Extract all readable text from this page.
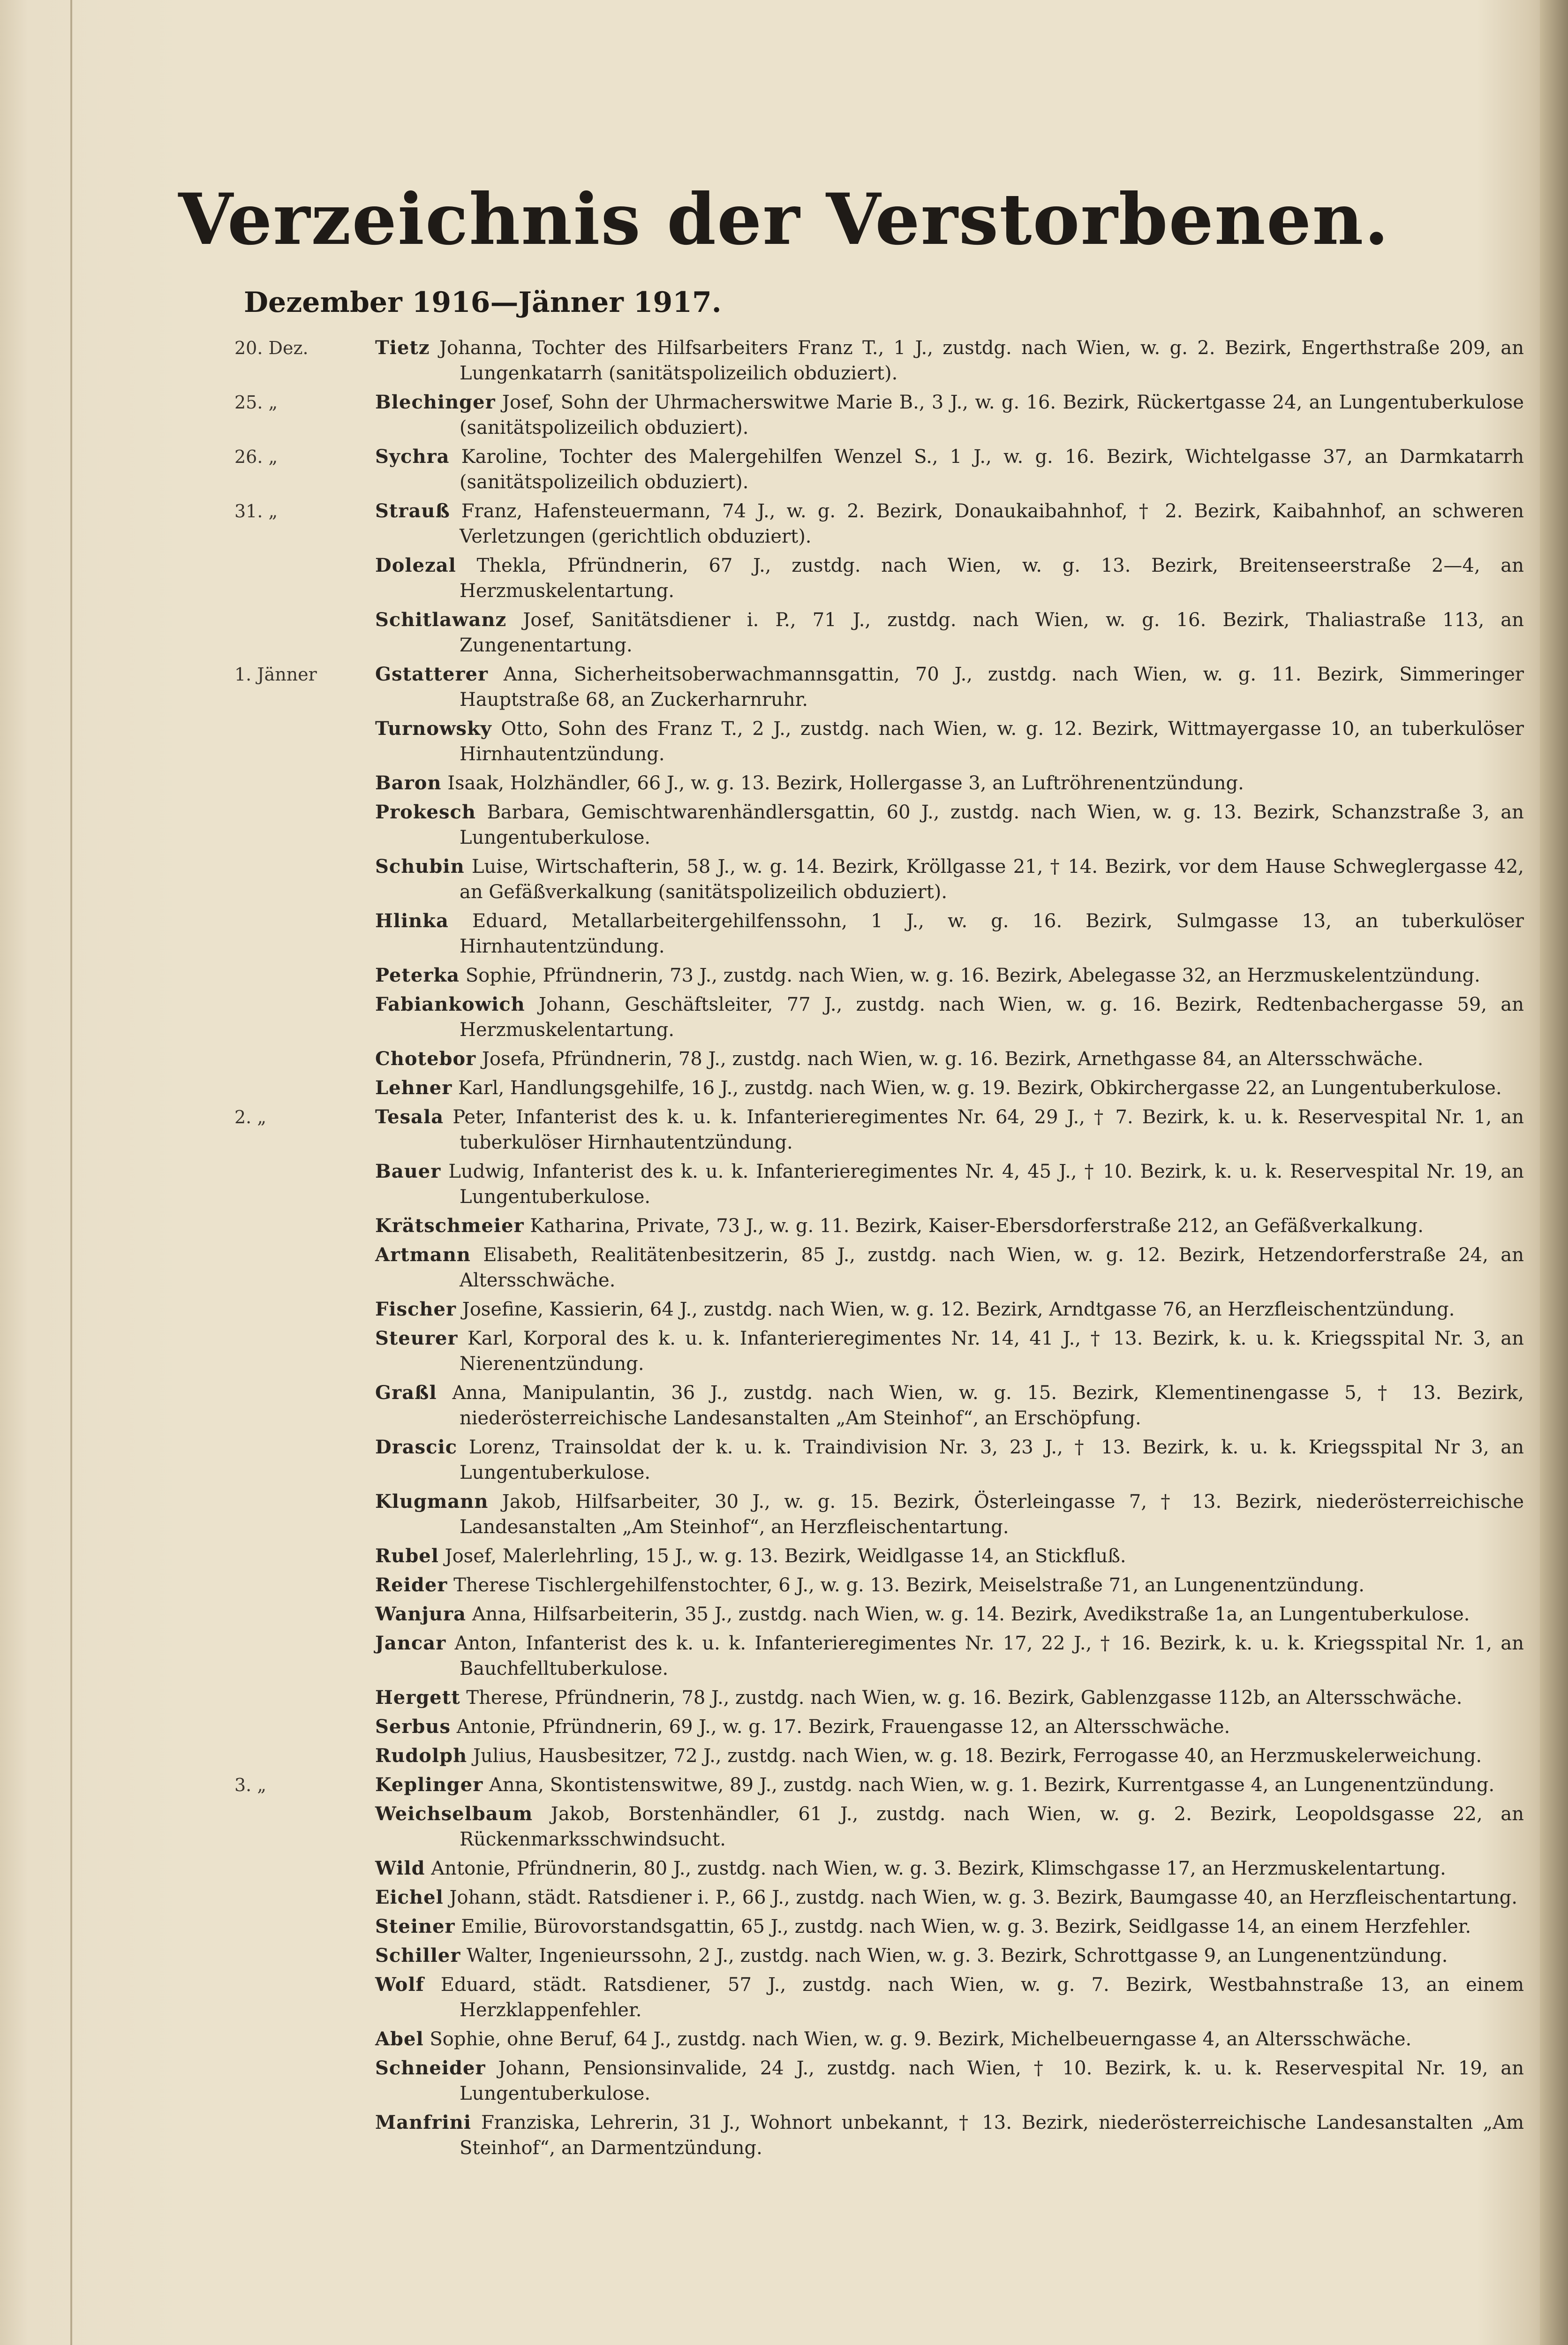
Verzeichnis der Verstorbenen.
Dezember 1916—Jänner 1917.
20. Dez.	Tietz Johanna, Tochter des Hilfsarbeiters Franz T., 1 J., zustdg. nach Wien, w. g. 2. Bezirk, Engerthstraße 209, an Lungenkatarrh (sanitätspolizeilich obduziert).
25. „	Blechinger Josef, Sohn der Uhrmacherswitwe Marie B., 3 J., w. g. 16. Bezirk, Rückertgasse 24, an Lungentuberkulose (sanitätspolizeilich obduziert).
26. „	Sychra Karoline, Tochter des Malergehilfen Wenzel S., 1 J., w. g. 16. Bezirk, Wichtelgasse 37, an Darmkatarrh (sanitätspolizeilich obduziert).
31. „	Strauß Franz, Hafensteuermann, 74 J., w. g. 2. Bezirk, Donaukaibahnhof, † 2. Bezirk, Kaibahnhof, an schweren Verletzungen (gerichtlich obduziert).
Dolezal Thekla, Pfründnerin, 67 J., zustdg. nach Wien, w. g. 13. Bezirk, Breitenseerstraße 2—4, an Herzmuskelentartung.
Schitlawanz Josef, Sanitätsdiener i. P., 71 J., zustdg. nach Wien, w. g. 16. Bezirk, Thaliastraße 113, an Zungenentartung.
1. Jänner	Gstatterer Anna, Sicherheitsoberwachmannsgattin, 70 J., zustdg. nach Wien, w. g. 11. Bezirk, Simmeringer Hauptstraße 68, an Zuckerharnruhr.
Turnowsky Otto, Sohn des Franz T., 2 J., zustdg. nach Wien, w. g. 12. Bezirk, Wittmayergasse 10, an tuberkulöser Hirnhautentzündung.
Baron Isaak, Holzhändler, 66 J., w. g. 13. Bezirk, Hollergasse 3, an Luftröhrenentzündung.
Prokesch Barbara, Gemischtwarenhändlersgattin, 60 J., zustdg. nach Wien, w. g. 13. Bezirk, Schanzstraße 3, an Lungentuberkulose.
Schubin Luise, Wirtschafterin, 58 J., w. g. 14. Bezirk, Kröllgasse 21, † 14. Bezirk, vor dem Hause Schweglergasse 42, an Gefäßverkalkung (sanitätspolizeilich obduziert).
Hlinka Eduard, Metallarbeitergehilfenssohn, 1 J., w. g. 16. Bezirk, Sulmgasse 13, an tuberkulöser Hirnhautentzündung.
Peterka Sophie, Pfründnerin, 73 J., zustdg. nach Wien, w. g. 16. Bezirk, Abelegasse 32, an Herzmuskelentzündung.
Fabiankowich Johann, Geschäftsleiter, 77 J., zustdg. nach Wien, w. g. 16. Bezirk, Redtenbachergasse 59, an Herzmuskelentartung.
Chotebor Josefa, Pfründnerin, 78 J., zustdg. nach Wien, w. g. 16. Bezirk, Arnethgasse 84, an Altersschwäche.
Lehner Karl, Handlungsgehilfe, 16 J., zustdg. nach Wien, w. g. 19. Bezirk, Obkirchergasse 22, an Lungentuberkulose.
2. „	Tesala Peter, Infanterist des k. u. k. Infanterieregimentes Nr. 64, 29 J., † 7. Bezirk, k. u. k. Reservespital Nr. 1, an tuberkulöser Hirnhautentzündung.
Bauer Ludwig, Infanterist des k. u. k. Infanterieregimentes Nr. 4, 45 J., † 10. Bezirk, k. u. k. Reservespital Nr. 19, an Lungentuberkulose.
Krätschmeier Katharina, Private, 73 J., w. g. 11. Bezirk, Kaiser-Ebersdorferstraße 212, an Gefäßverkalkung.
Artmann Elisabeth, Realitätenbesitzerin, 85 J., zustdg. nach Wien, w. g. 12. Bezirk, Hetzendorferstraße 24, an Altersschwäche.
Fischer Josefine, Kassierin, 64 J., zustdg. nach Wien, w. g. 12. Bezirk, Arndtgasse 76, an Herzfleischentzündung.
Steurer Karl, Korporal des k. u. k. Infanterieregimentes Nr. 14, 41 J., † 13. Bezirk, k. u. k. Kriegsspital Nr. 3, an Nierenentzündung.
Graßl Anna, Manipulantin, 36 J., zustdg. nach Wien, w. g. 15. Bezirk, Klementinengasse 5, † 13. Bezirk, niederösterreichische Landesanstalten „Am Steinhof“, an Erschöpfung.
Drascic Lorenz, Trainsoldat der k. u. k. Traindivision Nr. 3, 23 J., † 13. Bezirk, k. u. k. Kriegsspital Nr 3, an Lungentuberkulose.
Klugmann Jakob, Hilfsarbeiter, 30 J., w. g. 15. Bezirk, Österleingasse 7, † 13. Bezirk, niederösterreichische Landesanstalten „Am Steinhof“, an Herzfleischentartung.
Rubel Josef, Malerlehrling, 15 J., w. g. 13. Bezirk, Weidlgasse 14, an Stickfluß.
Reider Therese Tischlergehilfenstochter, 6 J., w. g. 13. Bezirk, Meiselstraße 71, an Lungenentzündung.
Wanjura Anna, Hilfsarbeiterin, 35 J., zustdg. nach Wien, w. g. 14. Bezirk, Avedikstraße 1a, an Lungentuberkulose.
Jancar Anton, Infanterist des k. u. k. Infanterieregimentes Nr. 17, 22 J., † 16. Bezirk, k. u. k. Kriegsspital Nr. 1, an Bauchfelltuberkulose.
Hergett Therese, Pfründnerin, 78 J., zustdg. nach Wien, w. g. 16. Bezirk, Gablenzgasse 112b, an Altersschwäche.
Serbus Antonie, Pfründnerin, 69 J., w. g. 17. Bezirk, Frauengasse 12, an Altersschwäche.
Rudolph Julius, Hausbesitzer, 72 J., zustdg. nach Wien, w. g. 18. Bezirk, Ferrogasse 40, an Herzmuskelerweichung.
3. „	Keplinger Anna, Skontistenswitwe, 89 J., zustdg. nach Wien, w. g. 1. Bezirk, Kurrentgasse 4, an Lungenentzündung.
Weichselbaum Jakob, Borstenhändler, 61 J., zustdg. nach Wien, w. g. 2. Bezirk, Leopoldsgasse 22, an Rückenmarksschwindsucht.
Wild Antonie, Pfründnerin, 80 J., zustdg. nach Wien, w. g. 3. Bezirk, Klimschgasse 17, an Herzmuskelentartung.
Eichel Johann, städt. Ratsdiener i. P., 66 J., zustdg. nach Wien, w. g. 3. Bezirk, Baumgasse 40, an Herzfleischentartung.
Steiner Emilie, Bürovorstandsgattin, 65 J., zustdg. nach Wien, w. g. 3. Bezirk, Seidlgasse 14, an einem Herzfehler.
Schiller Walter, Ingenieurssohn, 2 J., zustdg. nach Wien, w. g. 3. Bezirk, Schrottgasse 9, an Lungenentzündung.
Wolf Eduard, städt. Ratsdiener, 57 J., zustdg. nach Wien, w. g. 7. Bezirk, Westbahnstraße 13, an einem Herzklappenfehler.
Abel Sophie, ohne Beruf, 64 J., zustdg. nach Wien, w. g. 9. Bezirk, Michelbeuerngasse 4, an Altersschwäche.
Schneider Johann, Pensionsinvalide, 24 J., zustdg. nach Wien, † 10. Bezirk, k. u. k. Reservespital Nr. 19, an Lungentuberkulose.
Manfrini Franziska, Lehrerin, 31 J., Wohnort unbekannt, † 13. Bezirk, niederösterreichische Landesanstalten „Am Steinhof“, an Darmentzündung.
